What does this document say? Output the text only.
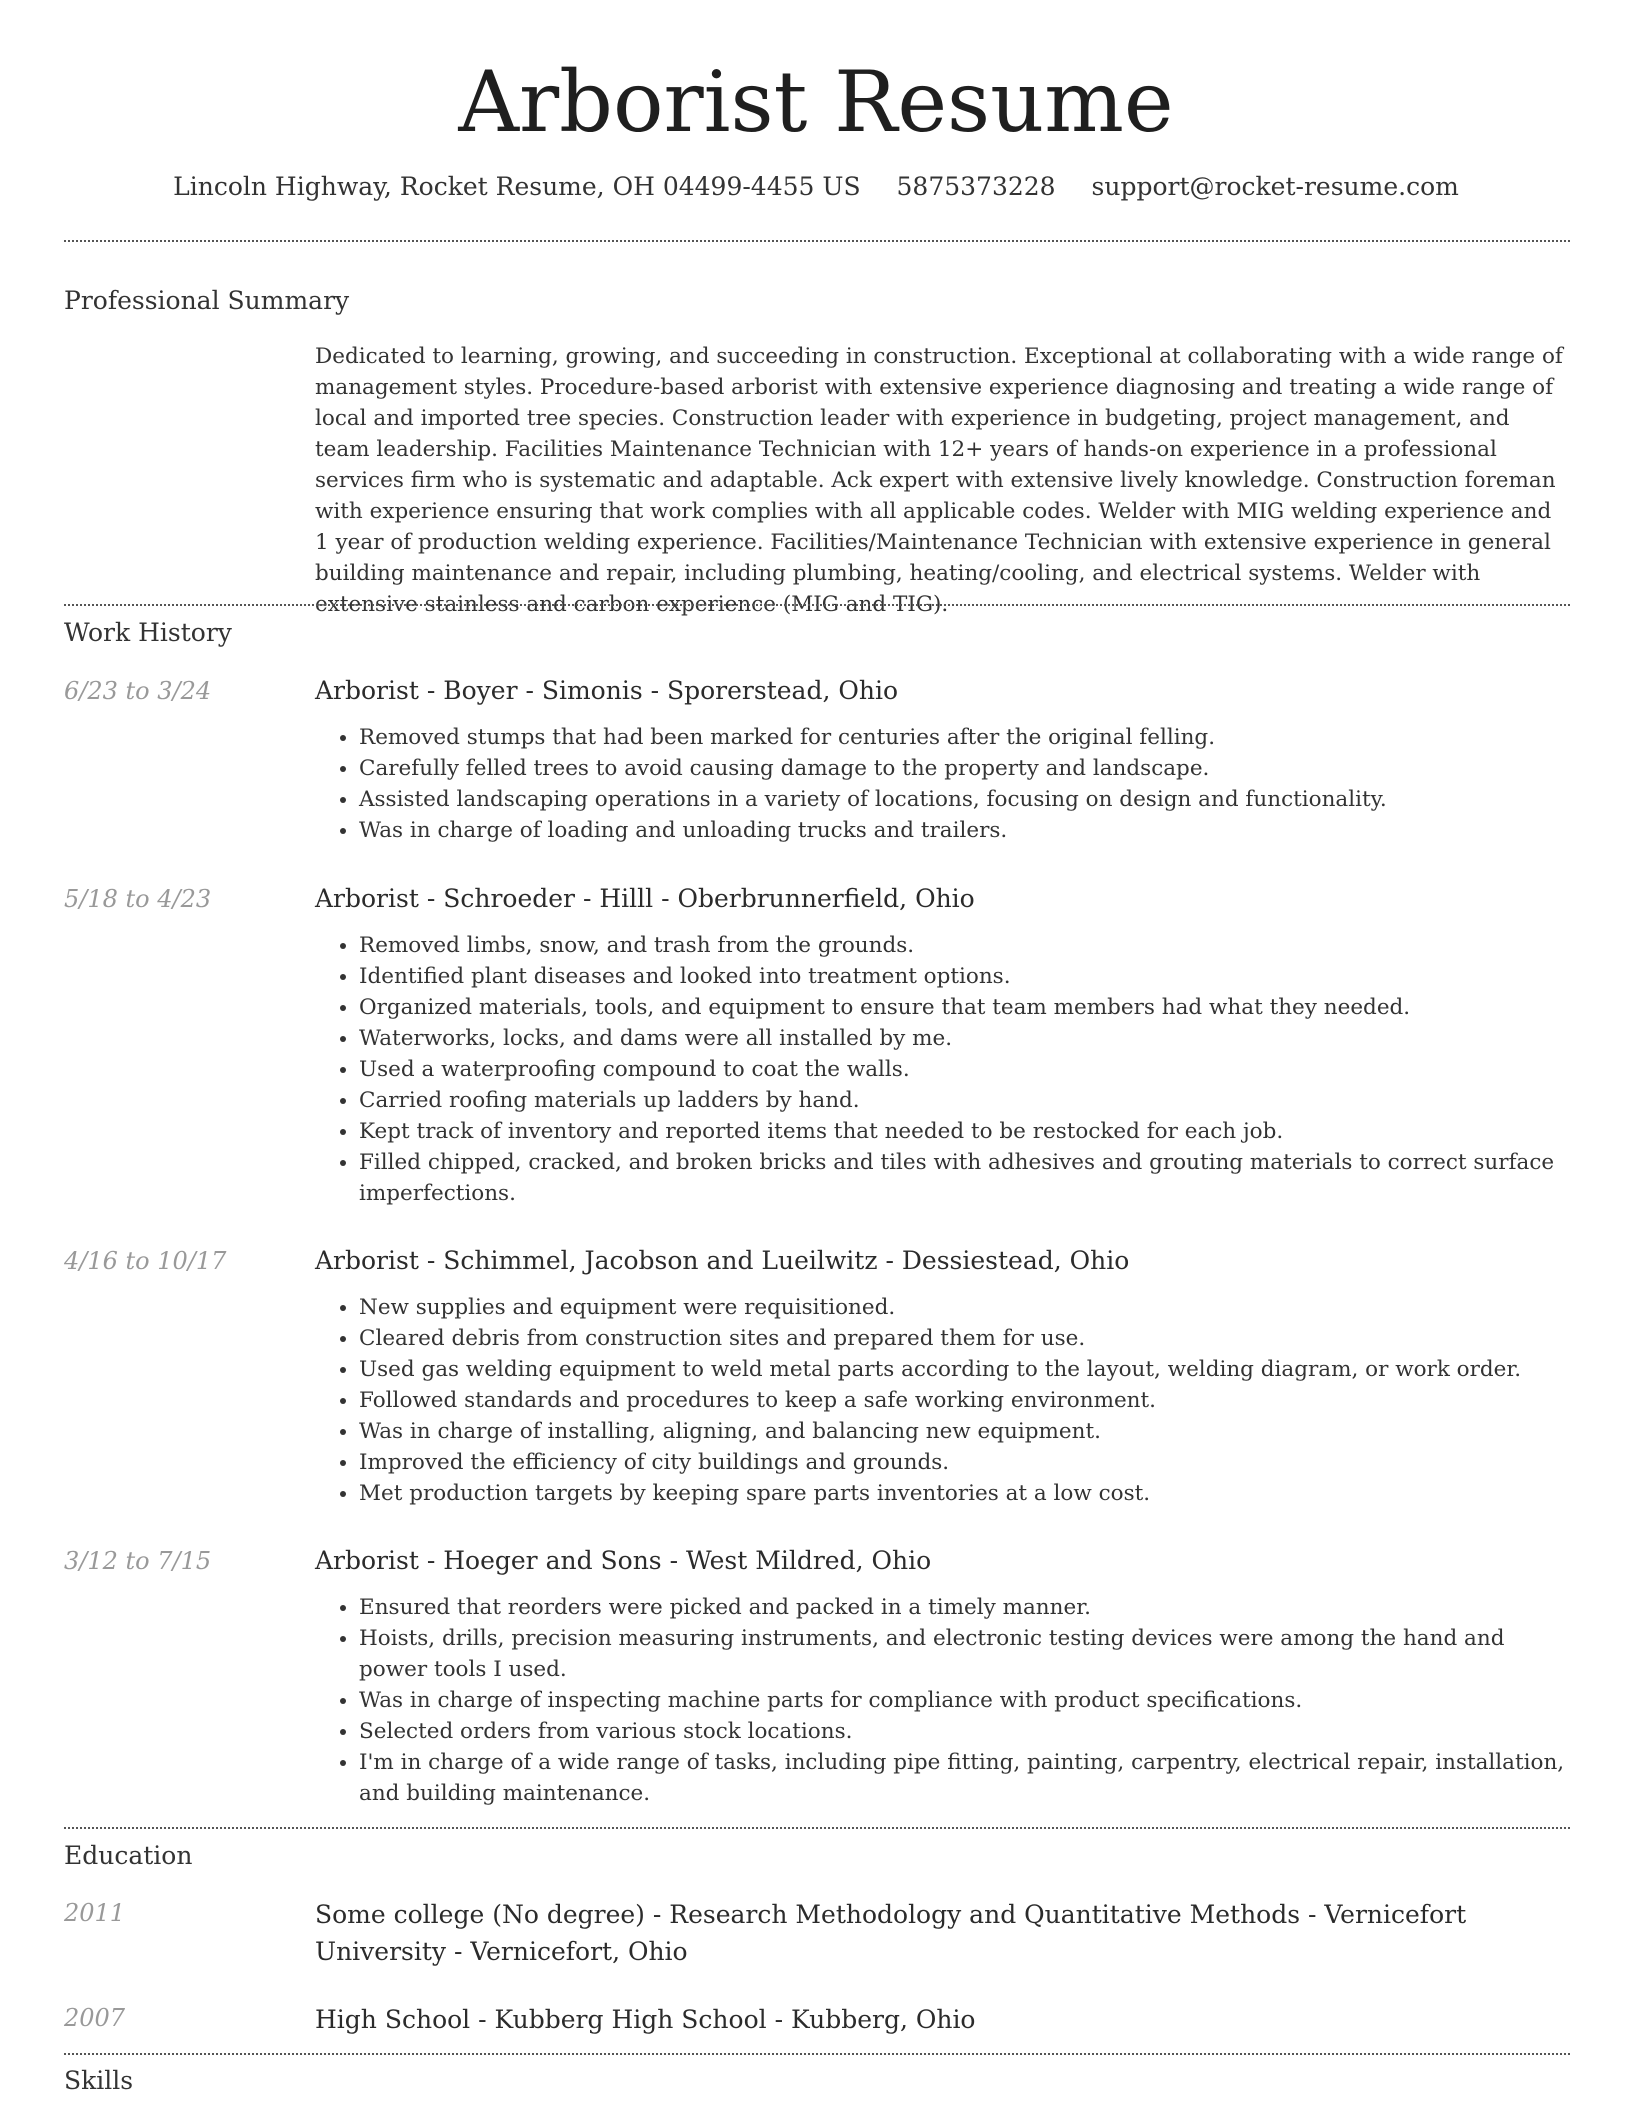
Arborist Resume
Lincoln Highway, Rocket Resume, OH 04499-4455 US 5875373228 support@rocket-resume.com
Professional Summary

Dedicated to learning, growing, and succeeding in construction. Exceptional at collaborating with a wide range of management styles. Procedure-based arborist with extensive experience diagnosing and treating a wide range of local and imported tree species. Construction leader with experience in budgeting, project management, and team leadership. Facilities Maintenance Technician with 12+ years of hands-on experience in a professional services firm who is systematic and adaptable. Ack expert with extensive lively knowledge. Construction foreman with experience ensuring that work complies with all applicable codes. Welder with MIG welding experience and 1 year of production welding experience. Facilities/Maintenance Technician with extensive experience in general building maintenance and repair, including plumbing, heating/cooling, and electrical systems. Welder with extensive stainless and carbon experience (MIG and TIG).

Work History
6/23 to 3/24	Arborist - Boyer - Simonis - Sporerstead, Ohio
• Removed stumps that had been marked for centuries after the original felling.
• Carefully felled trees to avoid causing damage to the property and landscape.
• Assisted landscaping operations in a variety of locations, focusing on design and functionality.
• Was in charge of loading and unloading trucks and trailers.
5/18 to 4/23	Arborist - Schroeder - Hilll - Oberbrunnerfield, Ohio
• Removed limbs, snow, and trash from the grounds.
• Identified plant diseases and looked into treatment options.
• Organized materials, tools, and equipment to ensure that team members had what they needed.
• Waterworks, locks, and dams were all installed by me.
• Used a waterproofing compound to coat the walls.
• Carried roofing materials up ladders by hand.
• Kept track of inventory and reported items that needed to be restocked for each job.
• Filled chipped, cracked, and broken bricks and tiles with adhesives and grouting materials to correct surface imperfections.
4/16 to 10/17	Arborist - Schimmel, Jacobson and Lueilwitz - Dessiestead, Ohio
• New supplies and equipment were requisitioned.
• Cleared debris from construction sites and prepared them for use.
• Used gas welding equipment to weld metal parts according to the layout, welding diagram, or work order.
• Followed standards and procedures to keep a safe working environment.
• Was in charge of installing, aligning, and balancing new equipment.
• Improved the efficiency of city buildings and grounds.
• Met production targets by keeping spare parts inventories at a low cost.
3/12 to 7/15	Arborist - Hoeger and Sons - West Mildred, Ohio
• Ensured that reorders were picked and packed in a timely manner.
• Hoists, drills, precision measuring instruments, and electronic testing devices were among the hand and power tools I used.
• Was in charge of inspecting machine parts for compliance with product specifications.
• Selected orders from various stock locations.
• I'm in charge of a wide range of tasks, including pipe fitting, painting, carpentry, electrical repair, installation, and building maintenance.
Education
2011	Some college (No degree) - Research Methodology and Quantitative Methods - Vernicefort University - Vernicefort, Ohio
2007	High School - Kubberg High School - Kubberg, Ohio
Skills
